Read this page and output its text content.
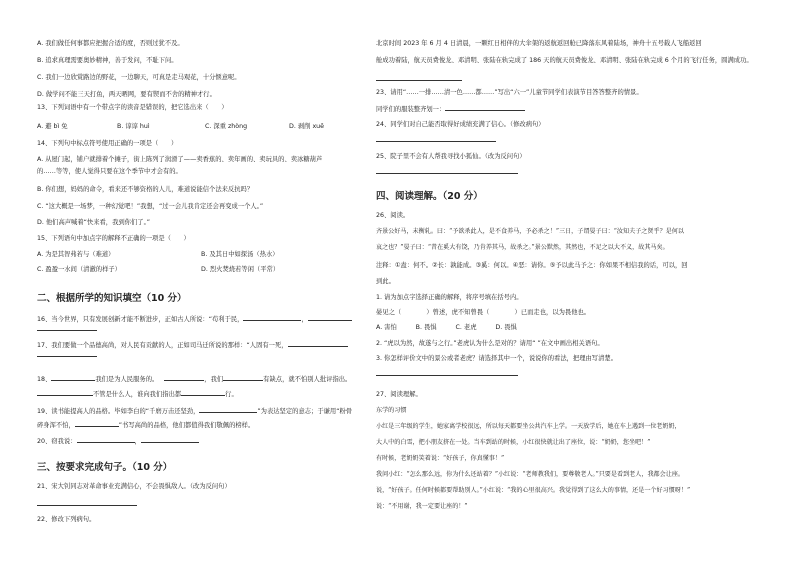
A. 我们做任何事都应把握合适的度，否则过犹不及。
B. 追求真理需要奥妙精神，善于发问，不耻下问。
C. 我们一边欣赏路边的野花，一边聊天，可真是走马观花，十分惬意呢。
D. 做学问不能三天打鱼，两天晒网，要有锲而不舍的精神才行。
13、下列词语中有一个带点字的读音是错误的，把它选出来（　　）
A. 避 bì 免	B. 谆谆 huì	C. 深重 zhòng	D. 剥削 xuē
14、下列句中标点符号使用正确的一项是（　　）
A. 从屋门起，铺户就排着个摊子，街上陈列了润滑了——卖香蕉的、卖年画的、卖玩具的、卖冰糖葫芦
的……等等，使人觉得只要在这个季节中才会有的。
B. 你们想，妈妈的命令，看来还不够资格的人儿，难道说能信个法来反抗吗？
C. “这大概是一场梦，一种幻觉吧！”我想，“过一会儿我肯定还会再变成一个人。”
D. 他们高声喊着“快来看，我到你们了。”
15、下列语句中加点字的解释不正确的一项是（　　）
A. 为是其智弗若与（难道）	B. 及其日中如探汤（热水）
C. 盈盈一水间（清澈的样子）	D. 烈火焚烧若等闲（平常）
二、根据所学的知识填空（10 分）
16、当今世界，只有发展创新才能不断进步，正如古人所说：“苟利于民，	，
17、我们要做一个品德高尚，对人民有贡献的人，正如司马迁所说的那样：“人固有一死，
18、	我们是为人民服务的。	，我们	有缺点，就不怕别人批评指出。
不管是什么人，谁向我们指出都	行。
19、读书能提高人的品格。毕如李白的“千磨万击还坚劲，	”为表达坚定的意志；于谦用“粉骨
碎身浑不怕，	”书写高尚的品格，他们都值得我们敬佩的榜样。
20、窃我说：	，
三、按要求完成句子。（10 分）
21、宋大钊同志对革命事业充满信心，不会畏惧敌人。（改为反问句）
22、修改下列病句。
北京时间 2023 年 6 月 4 日清晨，一颗红日相伴的大伞架的返航返回舱已降落东风着陆场，神舟十五号载人飞船返回
舱成功着陆，航天员费俊龙、邓清明、张陆在轨完成了 186 天的航天员费俊龙、邓清明、张陆在轨完成 6 个月的飞行任务，圆满成功。
23、请用“……一排……清一色……都……”写出“六一”儿童节同学们表演节目答答整齐的情景。
同学们的服装整齐划一：
24、同学们对自己能否取得好成绩充满了信心。（修改病句）
25、院子里不会有人帮我寻找小狐仙。（改为反问句）
四、阅读理解。（20 分）
26、阅读。
齐景公好马，未衡轧。曰：“予欲杀此人，是不食养马，予必杀之！”三日，子谓晏子曰：“汝知夫子之贤乎？是何以
哀之也？”晏子曰：“昔在奚大有饶，乃肯养其马，故杀之。”景公默然，其然也，不足之以大不义，故其马矣。
注释：①盍：何不。②长：孰能成。③奚：何以。④恶：请你。⑤予以此马予之：你如果不相信我的话，可以，回
到此。
1. 请为加点字选择正确的解释，将序号填在括号内。
晏见之（　　　　）曾述，虎不知曾畏（　　　　）已而走也，以为畏他也。
A. 害怕　　　B. 畏惧　　　C. 老虎　　　D. 畏惧
2. “虎以为然，故遂与之行。”老虎认为什么是对的？请用“ ”在文中画出相关语句。
3. 你怎样评价文中的景公或者老虎？请选择其中一个，说说你的看法，把理由写清楚。
27、阅读理解。
东学的习惯
小红是三年级的学生，她家离学校很远，所以每天都要坐公共汽车上学。一天放学后，她在车上遇到一位老奶奶，
大人中的白雪，把小朋友挤在一处。当车到站的时候，小红很快就让出了座位，说：“奶奶，您坐吧！”
有时候，老奶奶笑着说：“好孩子，你真懂事！”
我问小红：“怎么那么远，你为什么还站着？”小红说：“老师教我们，要尊敬老人。”只要是看到老人，我都会让座。
说，“好孩子。任何时候都要帮助别人。”小红说：“我的心里很高兴。我觉得到了这么大的事情，还是一个好习惯呀！”
说：“不用谢，我一定要让座的！”
